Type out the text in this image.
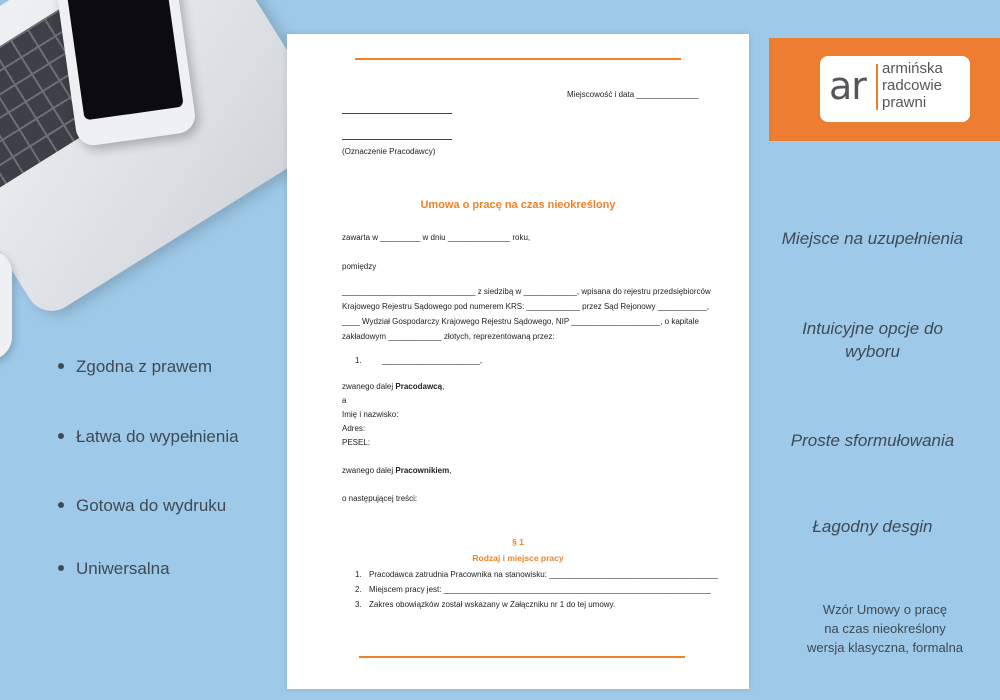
Miejscowość i data ______________
(Oznaczenie Pracodawcy)
Umowa o pracę na czas nieokreślony
zawarta w _________ w dniu ______________ roku,
pomiędzy
______________________________ z siedzibą w ____________, wpisana do rejestru przedsiębiorców
Krajowego Rejestru Sądowego pod numerem KRS: ____________ przez Sąd Rejonowy ___________,
____ Wydział Gospodarczy Krajowego Rejestru Sądowego, NIP ____________________, o kapitale
zakładowym ____________ złotych, reprezentowaną przez:
1.	______________________,
zwanego dalej Pracodawcą,
a
Imię i nazwisko:
Adres:
PESEL:
zwanego dalej Pracownikiem,
o następującej treści:
§ 1
Rodzaj i miejsce pracy
1. Pracodawca zatrudnia Pracownika na stanowisku: ______________________________________
2. Miejscem pracy jest: ____________________________________________________________
3. Zakres obowiązków został wskazany w Załączniku nr 1 do tej umowy.
ar armińska
radcowie
prawni
Miejsce na uzupełnienia
Intuicyjne opcje do
wyboru
Proste sformułowania
Łagodny desgin
Wzór Umowy o pracę
na czas nieokreślony
wersja klasyczna, formalna
Zgodna z prawem
Łatwa do wypełnienia
Gotowa do wydruku
Uniwersalna
